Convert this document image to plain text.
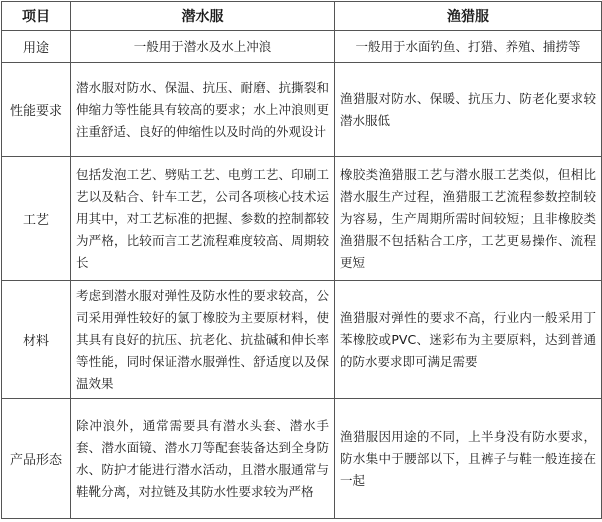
项目	潜水服	渔猎服
用途	一般用于潜水及水上冲浪	一般用于水面钓鱼、打猎、养殖、捕捞等
性能要求	潜水服对防水、保温、抗压、耐磨、抗撕裂和伸缩力等性能具有较高的要求；水上冲浪则更注重舒适、良好的伸缩性以及时尚的外观设计	渔猎服对防水、保暖、抗压力、防老化要求较潜水服低
工艺	包括发泡工艺、劈贴工艺、电剪工艺、印刷工艺以及粘合、针车工艺，公司各项核心技术运用其中，对工艺标准的把握、参数的控制都较为严格，比较而言工艺流程难度较高、周期较长	橡胶类渔猎服工艺与潜水服工艺类似，但相比潜水服生产过程，渔猎服工艺流程参数控制较为容易，生产周期所需时间较短；且非橡胶类渔猎服不包括粘合工序，工艺更易操作、流程更短
材料	考虑到潜水服对弹性及防水性的要求较高，公司采用弹性较好的氯丁橡胶为主要原材料，使其具有良好的抗压、抗老化、抗盐碱和伸长率等性能，同时保证潜水服弹性、舒适度以及保温效果	渔猎服对弹性的要求不高，行业内一般采用丁苯橡胶或PVC、迷彩布为主要原料，达到普通的防水要求即可满足需要
产品形态	除冲浪外，通常需要具有潜水头套、潜水手套、潜水面镜、潜水刀等配套装备达到全身防水、防护才能进行潜水活动，且潜水服通常与鞋靴分离，对拉链及其防水性要求较为严格	渔猎服因用途的不同，上半身没有防水要求，防水集中于腰部以下，且裤子与鞋一般连接在一起
